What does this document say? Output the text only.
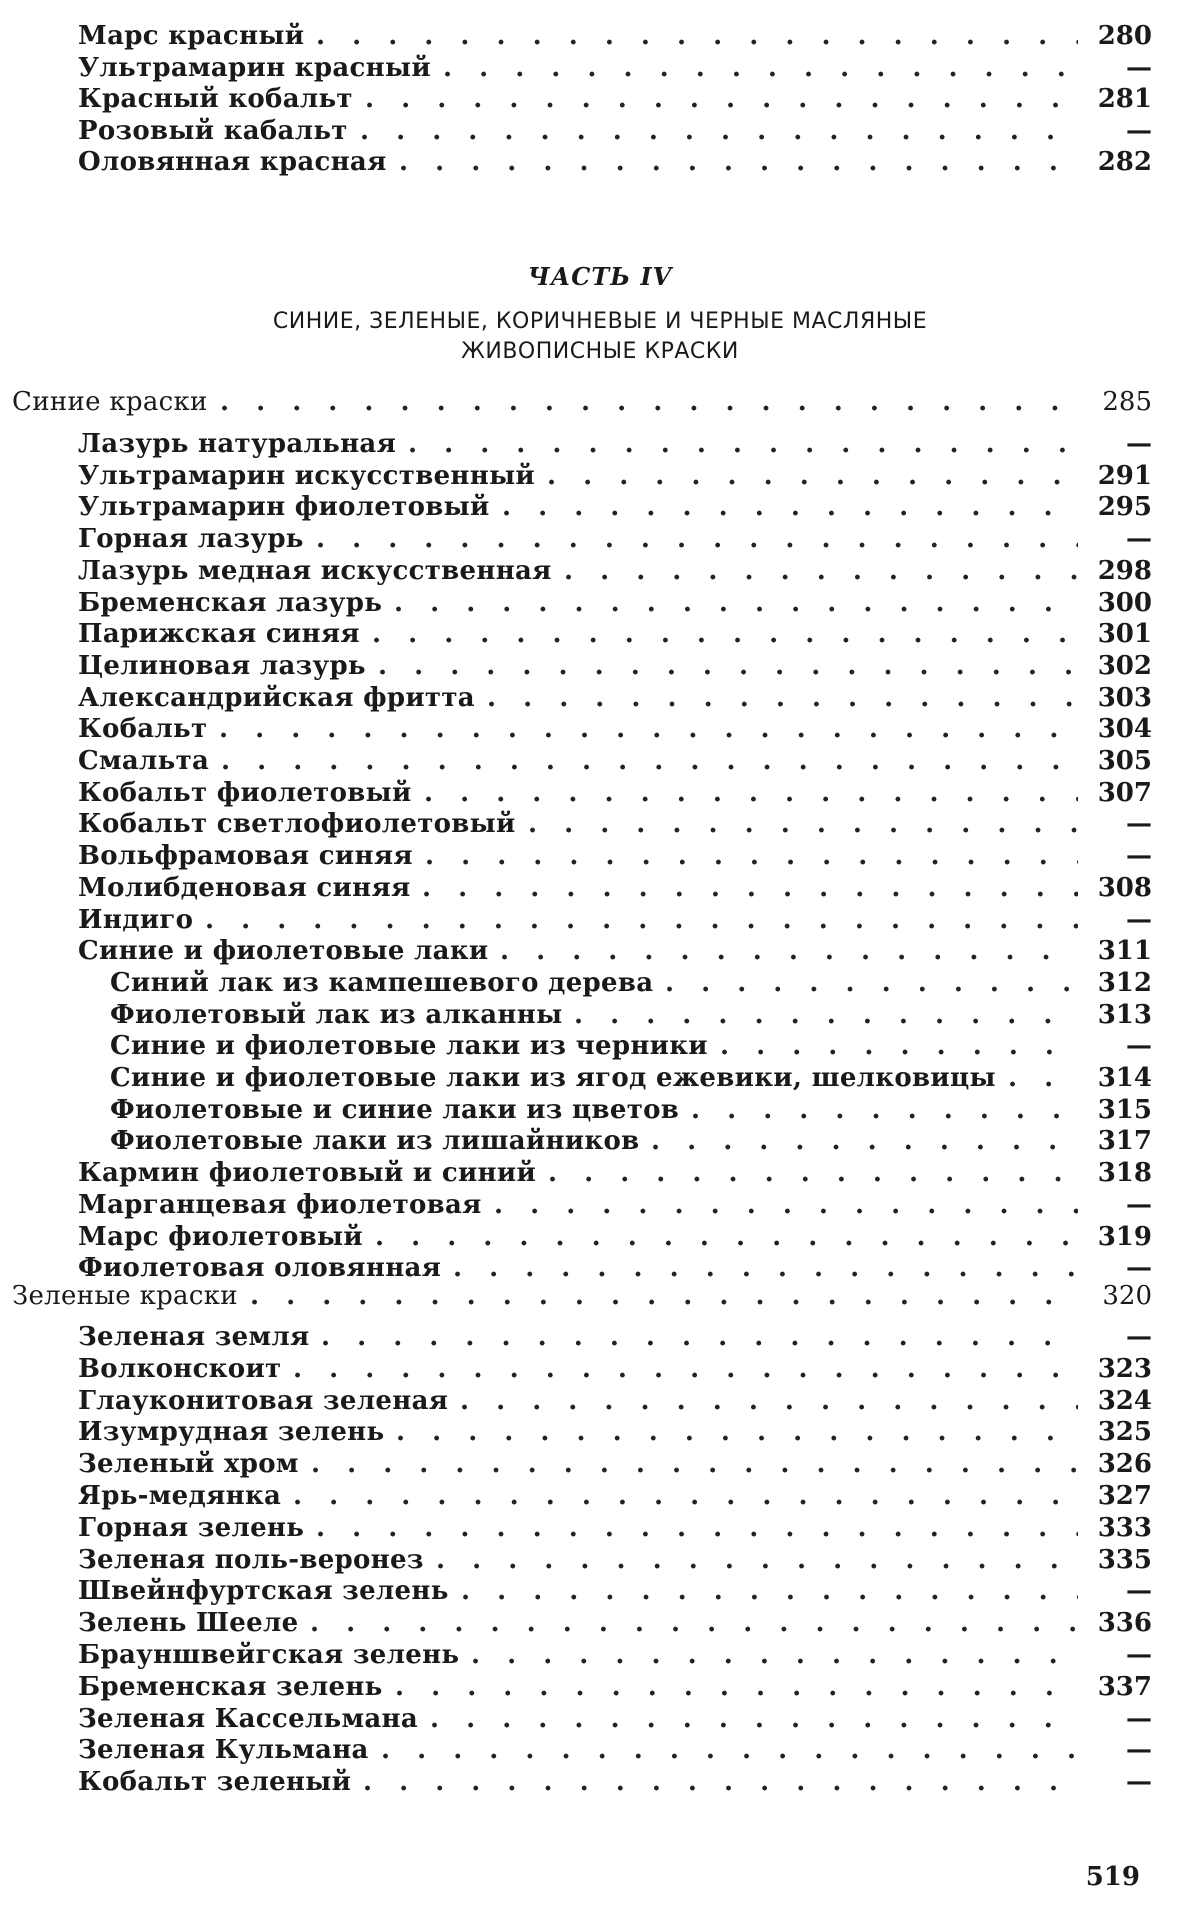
Марс красный . . . . . . . . . . . . . . . . . . . . .	280
Ультрамарин красный . . . . . . . . . . . . . . . . . .	—
Красный кобальт . . . . . . . . . . . . . . . . . . . .	281
Розовый кабальт . . . . . . . . . . . . . . . . . . . .	—
Оловянная красная . . . . . . . . . . . . . . . . . . .	282
ЧАСТЬ IV
СИНИЕ, ЗЕЛЕНЫЕ, КОРИЧНЕВЫЕ И ЧЕРНЫЕ МАСЛЯНЫЕ
ЖИВОПИСНЫЕ КРАСКИ
Синие краски . . . . . . . . . . . . . . . . . . . . . . . .	285
Лазурь натуральная . . . . . . . . . . . . . . . . . . .	—
Ультрамарин искусственный . . . . . . . . . . . . . . . 291
Ультрамарин фиолетовый . . . . . . . . . . . . . . . .	295
Горная лазурь . . . . . . . . . . . . . . . . . . . . .	—
Лазурь медная искусственная . . . . . . . . . . . . . .	298
Бременская лазурь . . . . . . . . . . . . . . . . . . .	300
Парижская синяя . . . . . . . . . . . . . . . . . . . . 301
Целиновая лазурь . . . . . . . . . . . . . . . . . . .	302
Александрийская фритта . . . . . . . . . . . . . . . .	303
Кобальт . . . . . . . . . . . . . . . . . . . . . . . .	304
Смальта . . . . . . . . . . . . . . . . . . . . . . . .	305
Кобальт фиолетовый . . . . . . . . . . . . . . . . . .	307
Кобальт светлофиолетовый . . . . . . . . . . . . . . .	—
Вольфрамовая синяя . . . . . . . . . . . . . . . . . .	—
Молибденовая синяя . . . . . . . . . . . . . . . . . .	308
Индиго . . . . . . . . . . . . . . . . . . . . . . . .	—
Синие и фиолетовые лаки . . . . . . . . . . . . . . . .	311
Синий лак из кампешевого дерева . . . . . . . . . . .	312
Фиолетовый лак из алканны . . . . . . . . . . . . . .	313
Синие и фиолетовые лаки из черники . . . . . . . . . .	—
Синие и фиолетовые лаки из ягод ежевики, шелковицы . .	314
Фиолетовые и синие лаки из цветов . . . . . . . . . . .	315
Фиолетовые лаки из лишайников . . . . . . . . . . . .	317
Кармин фиолетовый и синий . . . . . . . . . . . . . . . 318
Марганцевая фиолетовая . . . . . . . . . . . . . . . .	—
Марс фиолетовый . . . . . . . . . . . . . . . . . . . . 319
Фиолетовая оловянная . . . . . . . . . . . . . . . . .	—
Зеленые краски . . . . . . . . . . . . . . . . . . . . . . .	320
Зеленая земля . . . . . . . . . . . . . . . . . . . . .	—
Волконскоит . . . . . . . . . . . . . . . . . . . . . .	323
Глауконитовая зеленая . . . . . . . . . . . . . . . . .	324
Изумрудная зелень . . . . . . . . . . . . . . . . . . .	325
Зеленый хром . . . . . . . . . . . . . . . . . . . . .	326
Ярь-медянка . . . . . . . . . . . . . . . . . . . . . .	327
Горная зелень . . . . . . . . . . . . . . . . . . . . .	333
Зеленая поль-веронез . . . . . . . . . . . . . . . . . .	335
Швейнфуртская зелень . . . . . . . . . . . . . . . . .	—
Зелень Шееле . . . . . . . . . . . . . . . . . . . . .	336
Брауншвейгская зелень . . . . . . . . . . . . . . . . .	—
Бременская зелень . . . . . . . . . . . . . . . . . . .	337
Зеленая Кассельмана . . . . . . . . . . . . . . . . . .	—
Зеленая Кульмана . . . . . . . . . . . . . . . . . . .	—
Кобальт зеленый . . . . . . . . . . . . . . . . . . . .	—
519
